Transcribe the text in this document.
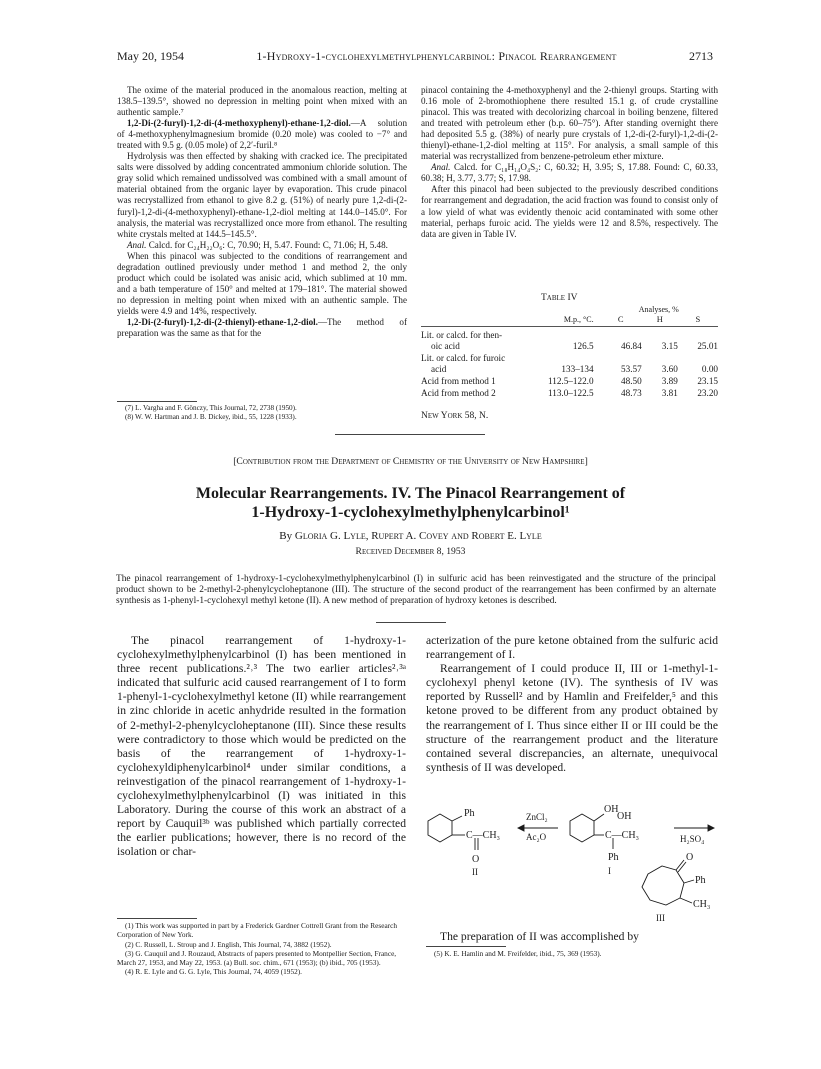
May 20, 1954	1-Hydroxy-1-cyclohexylmethylphenylcarbinol: Pinacol Rearrangement	2713

The oxime of the material produced in the anomalous reaction, melting at 138.5–139.5°, showed no depression in melting point when mixed with an authentic sample.⁷

1,2-Di-(2-furyl)-1,2-di-(4-methoxyphenyl)-ethane-1,2-diol.—A solution of 4-methoxyphenylmagnesium bromide (0.20 mole) was cooled to −7° and treated with 9.5 g. (0.05 mole) of 2,2′-furil.⁸

Hydrolysis was then effected by shaking with cracked ice. The precipitated salts were dissolved by adding concentrated ammonium chloride solution. The gray solid which remained undissolved was combined with a small amount of material obtained from the organic layer by evaporation. This crude pinacol was recrystallized from ethanol to give 8.2 g. (51%) of nearly pure 1,2-di-(2-furyl)-1,2-di-(4-methoxyphenyl)-ethane-1,2-diol melting at 144.0–145.0°. For analysis, the material was recrystallized once more from ethanol. The resulting white crystals melted at 144.5–145.5°.

Anal. Calcd. for C₂₄H₂₂O₆: C, 70.90; H, 5.47. Found: C, 71.06; H, 5.48.

When this pinacol was subjected to the conditions of rearrangement and degradation outlined previously under method 1 and method 2, the only product which could be isolated was anisic acid, which sublimed at 10 mm. and a bath temperature of 150° and melted at 179–181°. The material showed no depression in melting point when mixed with an authentic sample. The yields were 4.9 and 14%, respectively.

1,2-Di-(2-furyl)-1,2-di-(2-thienyl)-ethane-1,2-diol.—The method of preparation was the same as that for the

(7) L. Vargha and F. Gönczy, This Journal, 72, 2738 (1950).
(8) W. W. Hartman and J. B. Dickey, ibid., 55, 1228 (1933).

pinacol containing the 4-methoxyphenyl and the 2-thienyl groups. Starting with 0.16 mole of 2-bromothiophene there resulted 15.1 g. of crude crystalline pinacol. This was treated with decolorizing charcoal in boiling benzene, filtered and treated with petroleum ether (b.p. 60–75°). After standing overnight there had deposited 5.5 g. (38%) of nearly pure crystals of 1,2-di-(2-furyl)-1,2-di-(2-thienyl)-ethane-1,2-diol melting at 115°. For analysis, a small sample of this material was recrystallized from benzene-petroleum ether mixture.

Anal. Calcd. for C₁₈H₁₄O₄S₂: C, 60.32; H, 3.95; S, 17.88. Found: C, 60.33, 60.38; H, 3.77, 3.77; S, 17.98.

After this pinacol had been subjected to the previously described conditions for rearrangement and degradation, the acid fraction was found to consist only of a low yield of what was evidently thenoic acid contaminated with some other material, perhaps furoic acid. The yields were 12 and 8.5%, respectively. The data are given in Table IV.

Table IV
		Analyses, %		
	M.p., °C.	C	H	S

Lit. or calcd. for then-				
oic acid	126.5	46.84	3.15	25.01
Lit. or calcd. for furoic				
acid	133–134	53.57	3.60	0.00
Acid from method 1	112.5–122.0	48.50	3.89	23.15
Acid from method 2	113.0–122.5	48.73	3.81	23.20
New York 58, N.
[Contribution from the Department of Chemistry of the University of New Hampshire]
Molecular Rearrangements. IV. The Pinacol Rearrangement of
1-Hydroxy-1-cyclohexylmethylphenylcarbinol¹
By Gloria G. Lyle, Rupert A. Covey and Robert E. Lyle
Received December 8, 1953
The pinacol rearrangement of 1-hydroxy-1-cyclohexylmethylphenylcarbinol (I) in sulfuric acid has been reinvestigated and the structure of the principal product shown to be 2-methyl-2-phenylcycloheptanone (III). The structure of the second product of the rearrangement has been confirmed by an alternate synthesis as 1-phenyl-1-cyclohexyl methyl ketone (II). A new method of preparation of hydroxy ketones is described.

The pinacol rearrangement of 1-hydroxy-1-cyclohexylmethylphenylcarbinol (I) has been mentioned in three recent publications.²˒³ The two earlier articles²˒³ᵃ indicated that sulfuric acid caused rearrangement of I to form 1-phenyl-1-cyclohexylmethyl ketone (II) while rearrangement in zinc chloride in acetic anhydride resulted in the formation of 2-methyl-2-phenylcycloheptanone (III). Since these results were contradictory to those which would be predicted on the basis of the rearrangement of 1-hydroxy-1-cyclohexyldiphenylcarbinol⁴ under similar conditions, a reinvestigation of the pinacol rearrangement of 1-hydroxy-1-cyclohexylmethylphenylcarbinol (I) was initiated in this Laboratory. During the course of this work an abstract of a report by Cauquil³ᵇ was published which partially corrected the earlier publications; however, there is no record of the isolation or char-

(1) This work was supported in part by a Frederick Gardner Cottrell Grant from the Research Corporation of New York.
(2) C. Russell, L. Stroup and J. English, This Journal, 74, 3882 (1952).
(3) G. Cauquil and J. Rouzaud, Abstracts of papers presented to Montpellier Section, France, March 27, 1953, and May 22, 1953. (a) Bull. soc. chim., 671 (1953); (b) ibid., 705 (1953).
(4) R. E. Lyle and G. G. Lyle, This Journal, 74, 4059 (1952).

acterization of the pure ketone obtained from the sulfuric acid rearrangement of I.

Rearrangement of I could produce II, III or 1-methyl-1-cyclohexyl phenyl ketone (IV). The synthesis of IV was reported by Russell² and by Hamlin and Freifelder,⁵ and this ketone proved to be different from any product obtained by the rearrangement of I. Thus since either II or III could be the structure of the rearrangement product and the literature contained several discrepancies, an alternate, unequivocal synthesis of II was developed.

Ph
C—CH₃
O
II
ZnCl₂
Ac₂O
OH
OH
C—CH₃
Ph
I
H₂SO₄
O
Ph
CH₃
III

The preparation of II was accomplished by

(5) K. E. Hamlin and M. Freifelder, ibid., 75, 369 (1953).
